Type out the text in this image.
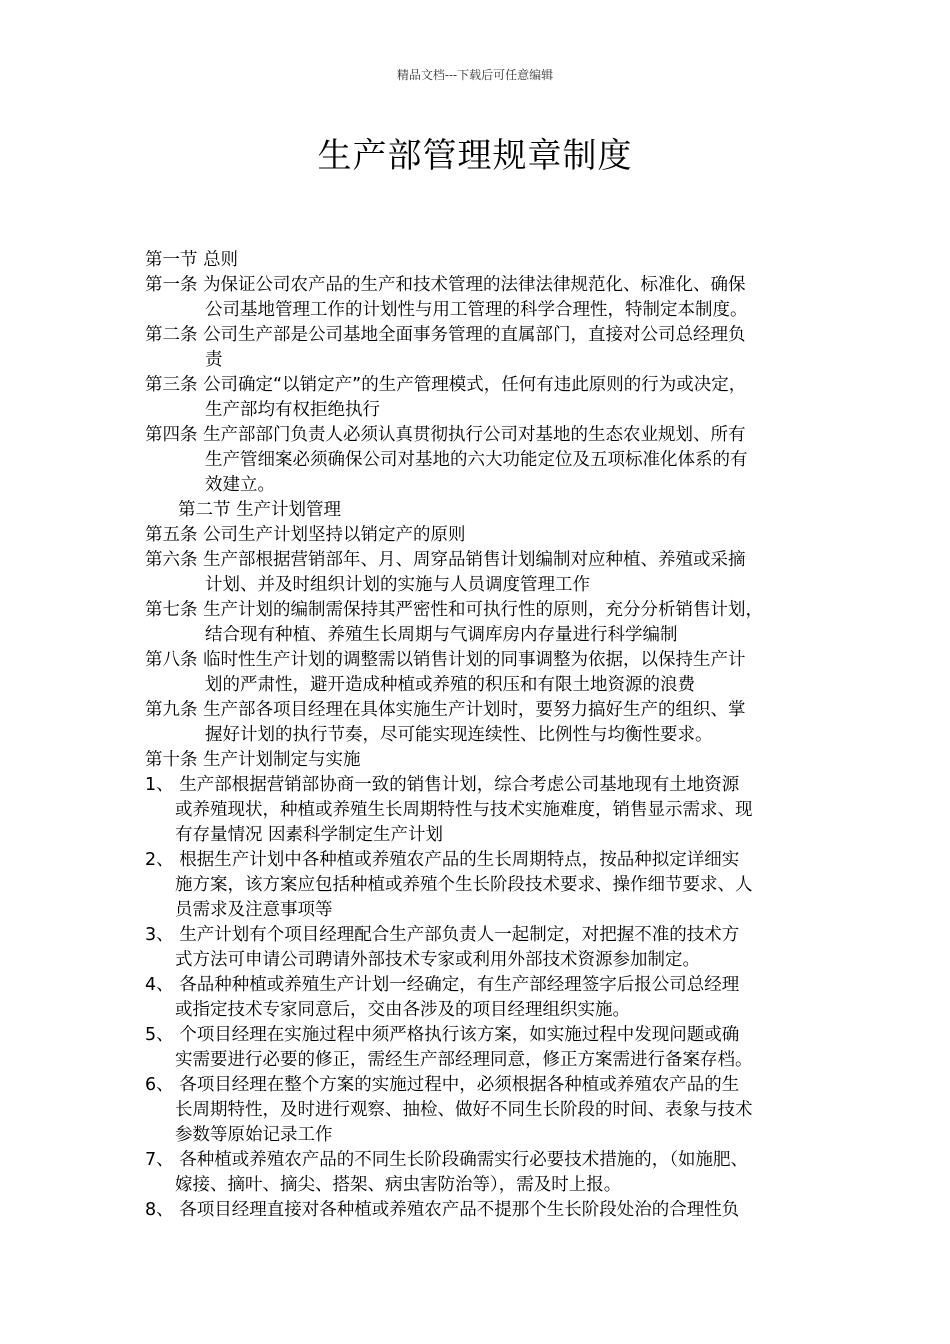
精品文档---下载后可任意编辑
生产部管理规章制度
第一节 总则
第一条 为保证公司农产品的生产和技术管理的法律法律规范化、标准化、确保
公司基地管理工作的计划性与用工管理的科学合理性，特制定本制度。
第二条 公司生产部是公司基地全面事务管理的直属部门，直接对公司总经理负
责
第三条 公司确定“以销定产”的生产管理模式，任何有违此原则的行为或决定，
生产部均有权拒绝执行
第四条 生产部部门负责人必须认真贯彻执行公司对基地的生态农业规划、所有
生产管细案必须确保公司对基地的六大功能定位及五项标准化体系的有
效建立。
第二节 生产计划管理
第五条 公司生产计划坚持以销定产的原则
第六条 生产部根据营销部年、月、周穿品销售计划编制对应种植、养殖或采摘
计划、并及时组织计划的实施与人员调度管理工作
第七条 生产计划的编制需保持其严密性和可执行性的原则，充分分析销售计划，
结合现有种植、养殖生长周期与气调库房内存量进行科学编制
第八条 临时性生产计划的调整需以销售计划的同事调整为依据，以保持生产计
划的严肃性，避开造成种植或养殖的积压和有限土地资源的浪费
第九条 生产部各项目经理在具体实施生产计划时，要努力搞好生产的组织、掌
握好计划的执行节奏，尽可能实现连续性、比例性与均衡性要求。
第十条 生产计划制定与实施
1、 生产部根据营销部协商一致的销售计划，综合考虑公司基地现有土地资源
或养殖现状，种植或养殖生长周期特性与技术实施难度，销售显示需求、现
有存量情况 因素科学制定生产计划
2、 根据生产计划中各种植或养殖农产品的生长周期特点，按品种拟定详细实
施方案，该方案应包括种植或养殖个生长阶段技术要求、操作细节要求、人
员需求及注意事项等
3、 生产计划有个项目经理配合生产部负责人一起制定，对把握不准的技术方
式方法可申请公司聘请外部技术专家或利用外部技术资源参加制定。
4、 各品种种植或养殖生产计划一经确定，有生产部经理签字后报公司总经理
或指定技术专家同意后，交由各涉及的项目经理组织实施。
5、 个项目经理在实施过程中须严格执行该方案，如实施过程中发现问题或确
实需要进行必要的修正，需经生产部经理同意，修正方案需进行备案存档。
6、 各项目经理在整个方案的实施过程中，必须根据各种植或养殖农产品的生
长周期特性，及时进行观察、抽检、做好不同生长阶段的时间、表象与技术
参数等原始记录工作
7、 各种植或养殖农产品的不同生长阶段确需实行必要技术措施的，（如施肥、
嫁接、摘叶、摘尖、搭架、病虫害防治等），需及时上报。
8、 各项目经理直接对各种植或养殖农产品不提那个生长阶段处治的合理性负
